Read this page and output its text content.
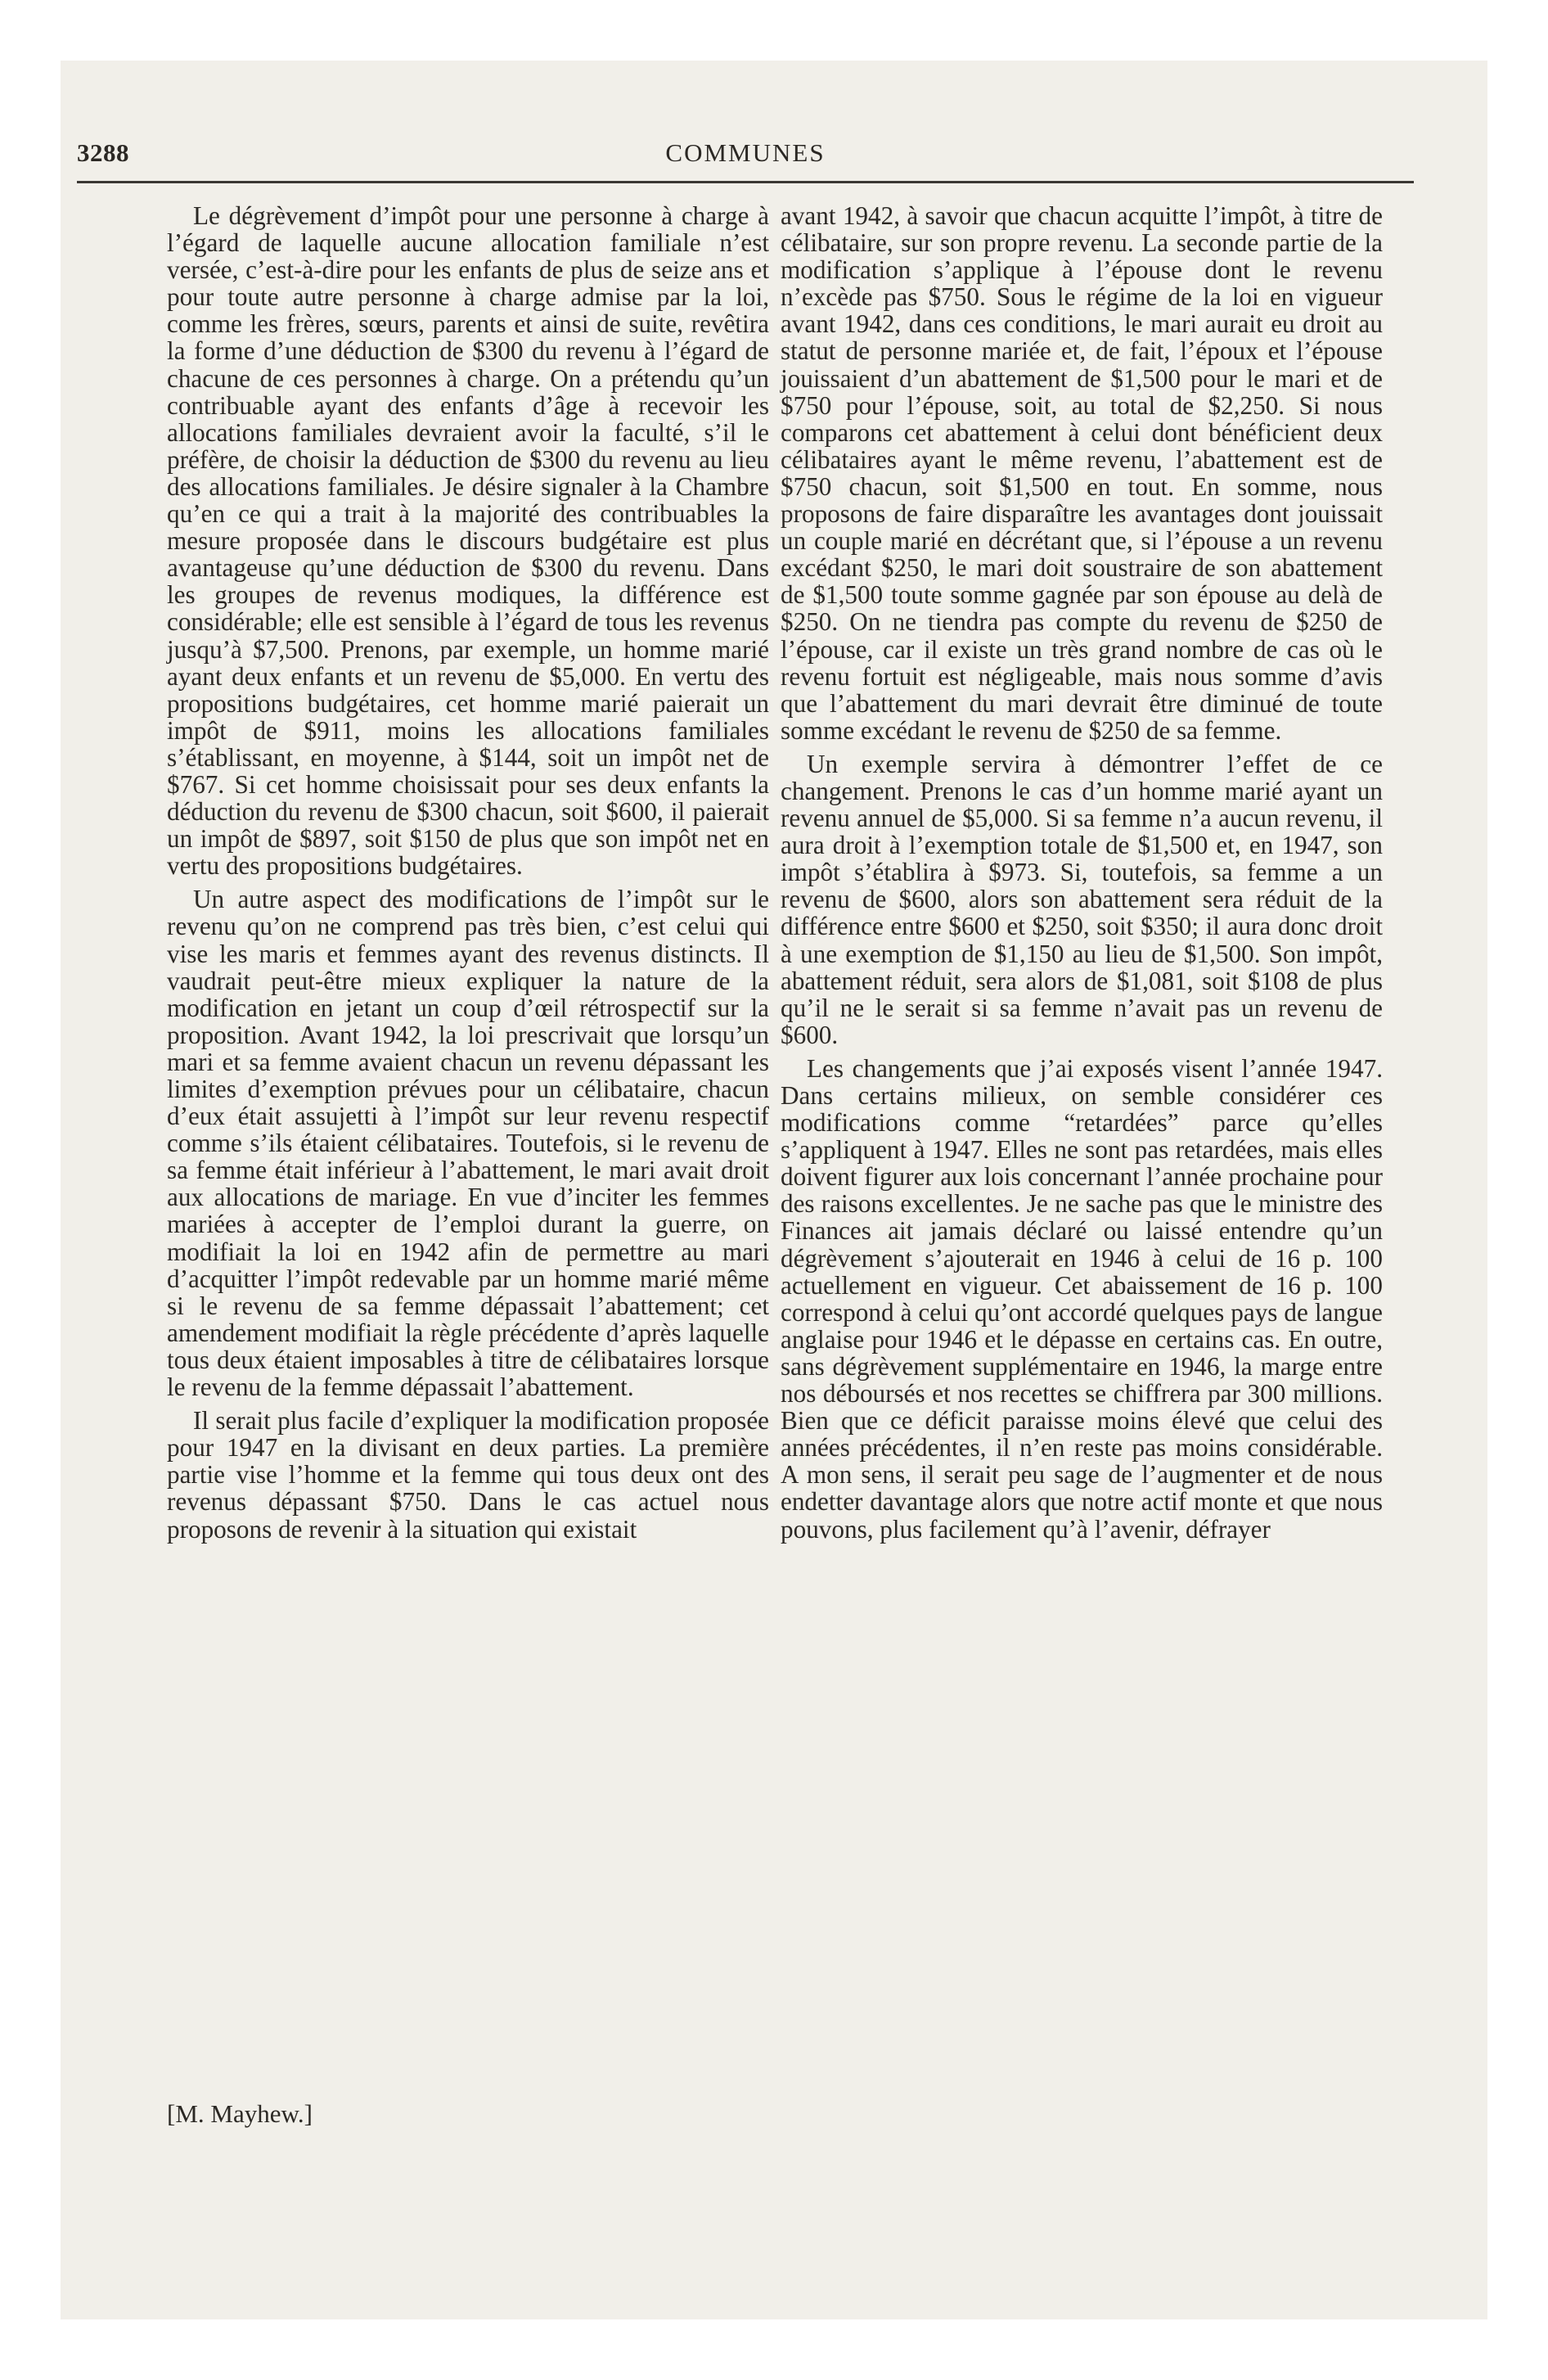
3288	COMMUNES

Le dégrèvement d’impôt pour une personne à charge à l’égard de laquelle aucune allocation familiale n’est versée, c’est-à-dire pour les enfants de plus de seize ans et pour toute autre personne à charge admise par la loi, comme les frères, sœurs, parents et ainsi de suite, revêtira la forme d’une déduction de $300 du revenu à l’égard de chacune de ces personnes à charge. On a prétendu qu’un contribuable ayant des enfants d’âge à recevoir les allocations familiales devraient avoir la faculté, s’il le préfère, de choisir la déduction de $300 du revenu au lieu des allocations familiales. Je désire signaler à la Chambre qu’en ce qui a trait à la majorité des contribuables la mesure proposée dans le discours budgétaire est plus avantageuse qu’une déduction de $300 du revenu. Dans les groupes de revenus modiques, la différence est considérable; elle est sensible à l’égard de tous les revenus jusqu’à $7,500. Prenons, par exemple, un homme marié ayant deux enfants et un revenu de $5,000. En vertu des propositions budgétaires, cet homme marié paierait un impôt de $911, moins les allocations familiales s’établissant, en moyenne, à $144, soit un impôt net de $767. Si cet homme choisissait pour ses deux enfants la déduction du revenu de $300 chacun, soit $600, il paierait un impôt de $897, soit $150 de plus que son impôt net en vertu des propositions budgétaires.

Un autre aspect des modifications de l’impôt sur le revenu qu’on ne comprend pas très bien, c’est celui qui vise les maris et femmes ayant des revenus distincts. Il vaudrait peut-être mieux expliquer la nature de la modification en jetant un coup d’œil rétrospectif sur la proposition. Avant 1942, la loi prescrivait que lorsqu’un mari et sa femme avaient chacun un revenu dépassant les limites d’exemption prévues pour un célibataire, chacun d’eux était assujetti à l’impôt sur leur revenu respectif comme s’ils étaient célibataires. Toutefois, si le revenu de sa femme était inférieur à l’abattement, le mari avait droit aux allocations de mariage. En vue d’inciter les femmes mariées à accepter de l’emploi durant la guerre, on modifiait la loi en 1942 afin de permettre au mari d’acquitter l’impôt redevable par un homme marié même si le revenu de sa femme dépassait l’abattement; cet amendement modifiait la règle précédente d’après laquelle tous deux étaient imposables à titre de célibataires lorsque le revenu de la femme dépassait l’abattement.

Il serait plus facile d’expliquer la modification proposée pour 1947 en la divisant en deux parties. La première partie vise l’homme et la femme qui tous deux ont des revenus dépassant $750. Dans le cas actuel nous proposons de revenir à la situation qui existait

[M. Mayhew.]

avant 1942, à savoir que chacun acquitte l’impôt, à titre de célibataire, sur son propre revenu. La seconde partie de la modification s’applique à l’épouse dont le revenu n’excède pas $750. Sous le régime de la loi en vigueur avant 1942, dans ces conditions, le mari aurait eu droit au statut de personne mariée et, de fait, l’époux et l’épouse jouissaient d’un abattement de $1,500 pour le mari et de $750 pour l’épouse, soit, au total de $2,250. Si nous comparons cet abattement à celui dont bénéficient deux célibataires ayant le même revenu, l’abattement est de $750 chacun, soit $1,500 en tout. En somme, nous proposons de faire disparaître les avantages dont jouissait un couple marié en décrétant que, si l’épouse a un revenu excédant $250, le mari doit soustraire de son abattement de $1,500 toute somme gagnée par son épouse au delà de $250. On ne tiendra pas compte du revenu de $250 de l’épouse, car il existe un très grand nombre de cas où le revenu fortuit est négligeable, mais nous somme d’avis que l’abattement du mari devrait être diminué de toute somme excédant le revenu de $250 de sa femme.

Un exemple servira à démontrer l’effet de ce changement. Prenons le cas d’un homme marié ayant un revenu annuel de $5,000. Si sa femme n’a aucun revenu, il aura droit à l’exemption totale de $1,500 et, en 1947, son impôt s’établira à $973. Si, toutefois, sa femme a un revenu de $600, alors son abattement sera réduit de la différence entre $600 et $250, soit $350; il aura donc droit à une exemption de $1,150 au lieu de $1,500. Son impôt, abattement réduit, sera alors de $1,081, soit $108 de plus qu’il ne le serait si sa femme n’avait pas un revenu de $600.

Les changements que j’ai exposés visent l’année 1947. Dans certains milieux, on semble considérer ces modifications comme “retardées” parce qu’elles s’appliquent à 1947. Elles ne sont pas retardées, mais elles doivent figurer aux lois concernant l’année prochaine pour des raisons excellentes. Je ne sache pas que le ministre des Finances ait jamais déclaré ou laissé entendre qu’un dégrèvement s’ajouterait en 1946 à celui de 16 p. 100 actuellement en vigueur. Cet abaissement de 16 p. 100 correspond à celui qu’ont accordé quelques pays de langue anglaise pour 1946 et le dépasse en certains cas. En outre, sans dégrèvement supplémentaire en 1946, la marge entre nos déboursés et nos recettes se chiffrera par 300 millions. Bien que ce déficit paraisse moins élevé que celui des années précédentes, il n’en reste pas moins considérable. A mon sens, il serait peu sage de l’augmenter et de nous endetter davantage alors que notre actif monte et que nous pouvons, plus facilement qu’à l’avenir, défrayer
